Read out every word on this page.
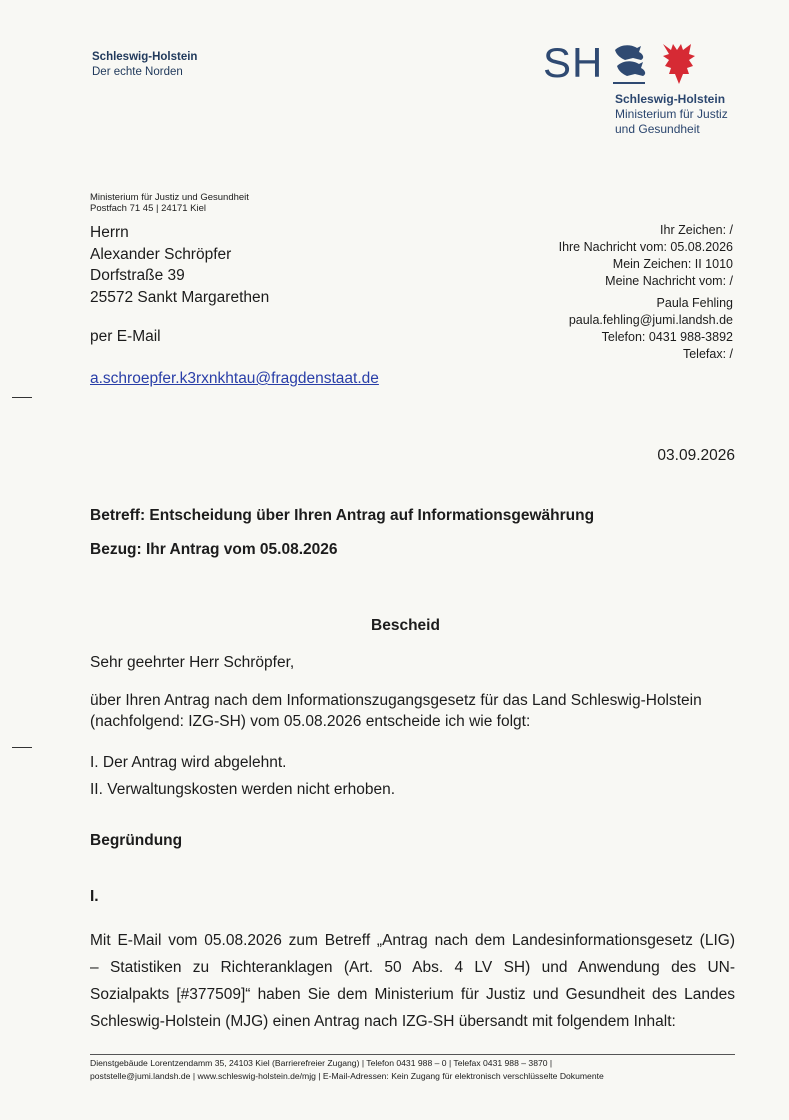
Schleswig-Holstein
Der echte Norden	SH
Schleswig-Holstein
Ministerium für Justiz
und Gesundheit
Ministerium für Justiz und Gesundheit
Postfach 71 45 | 24171 Kiel
Herrn
Alexander Schröpfer
Dorfstraße 39
25572 Sankt Margarethen
per E-Mail
a.schroepfer.k3rxnkhtau@fragdenstaat.de
Ihr Zeichen: /
Ihre Nachricht vom: 05.08.2026
Mein Zeichen: II 1010
Meine Nachricht vom: /
Paula Fehling
paula.fehling@jumi.landsh.de
Telefon: 0431 988-3892
Telefax: /
03.09.2026
Betreff: Entscheidung über Ihren Antrag auf Informationsgewährung
Bezug: Ihr Antrag vom 05.08.2026
Bescheid
Sehr geehrter Herr Schröpfer,
über Ihren Antrag nach dem Informationszugangsgesetz für das Land Schleswig-Holstein
(nachfolgend: IZG-SH) vom 05.08.2026 entscheide ich wie folgt:
I. Der Antrag wird abgelehnt.
II. Verwaltungskosten werden nicht erhoben.
Begründung
I.
Mit E-Mail vom 05.08.2026 zum Betreff „Antrag nach dem Landesinformationsgesetz (LIG)
– Statistiken zu Richteranklagen (Art. 50 Abs. 4 LV SH) und Anwendung des UN-
Sozialpakts [#377509]“ haben Sie dem Ministerium für Justiz und Gesundheit des Landes
Schleswig-Holstein (MJG) einen Antrag nach IZG-SH übersandt mit folgendem Inhalt:
Dienstgebäude Lorentzendamm 35, 24103 Kiel (Barrierefreier Zugang) | Telefon 0431 988 – 0 | Telefax 0431 988 – 3870 |
poststelle@jumi.landsh.de | www.schleswig-holstein.de/mjg | E-Mail-Adressen: Kein Zugang für elektronisch verschlüsselte Dokumente
